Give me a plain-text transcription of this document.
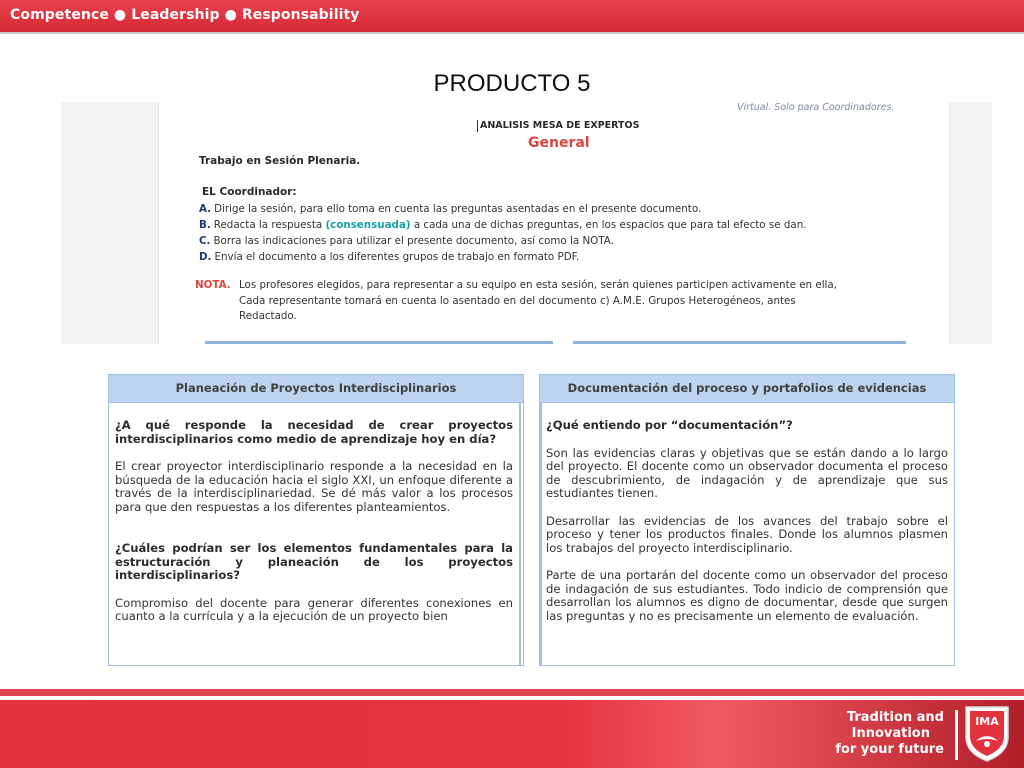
Competence ● Leadership ● Responsability
PRODUCTO 5
Virtual. Solo para Coordinadores.
ANALISIS MESA DE EXPERTOS
General
Trabajo en Sesión Plenaria.
EL Coordinador:
A. Dirige la sesión, para ello toma en cuenta las preguntas asentadas en el presente documento.
B. Redacta la respuesta (consensuada) a cada una de dichas preguntas, en los espacios que para tal efecto se dan.
C. Borra las indicaciones para utilizar el presente documento, así como la NOTA.
D. Envía el documento a los diferentes grupos de trabajo en formato PDF.
NOTA. Los profesores elegidos, para representar a su equipo en esta sesión, serán quienes participen activamente en ella,
Cada representante tomará en cuenta lo asentado en del documento c) A.M.E. Grupos Heterogéneos, antes
Redactado.
Planeación de Proyectos Interdisciplinarios

¿A qué responde la necesidad de crear proyectos interdisciplinarios como medio de aprendizaje hoy en día?

El crear proyector interdisciplinario responde a la necesidad en la búsqueda de la educación hacia el siglo XXI, un enfoque diferente a través de la interdisciplinariedad. Se dé más valor a los procesos para que den respuestas a los diferentes planteamientos.

¿Cuáles podrían ser los elementos fundamentales para la estructuración y planeación de los proyectos interdisciplinarios?

Compromiso del docente para generar diferentes conexiones en cuanto a la currícula y a la ejecución de un proyecto bien

Documentación del proceso y portafolios de evidencias

¿Qué entiendo por “documentación”?

Son las evidencias claras y objetivas que se están dando a lo largo del proyecto. El docente como un observador documenta el proceso de descubrimiento, de indagación y de aprendizaje que sus estudiantes tienen.

Desarrollar las evidencias de los avances del trabajo sobre el proceso y tener los productos finales. Donde los alumnos plasmen los trabajos del proyecto interdisciplinario.

Parte de una portarán del docente como un observador del proceso de indagación de sus estudiantes. Todo indicio de comprensión que desarrollan los alumnos es digno de documentar, desde que surgen las preguntas y no es precisamente un elemento de evaluación.

Tradition and
Innovation
for your future
IMA
